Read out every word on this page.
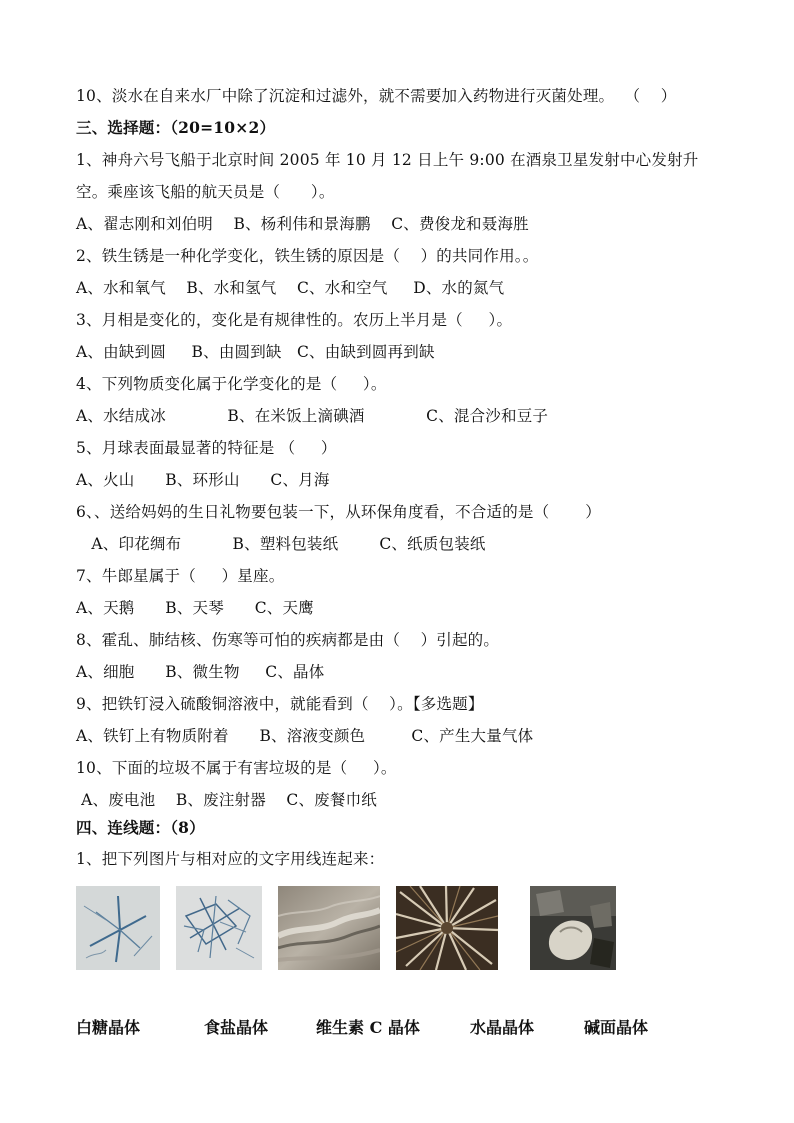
10、淡水在自来水厂中除了沉淀和过滤外，就不需要加入药物进行灭菌处理。  （    ）
三、选择题：（20=10×2）
1、神舟六号飞船于北京时间 2005 年 10 月 12 日上午 9:00 在酒泉卫星发射中心发射升
空。乘座该飞船的航天员是（      ）。
A、翟志刚和刘伯明    B、杨利伟和景海鹏    C、费俊龙和聂海胜
2、铁生锈是一种化学变化，铁生锈的原因是（    ）的共同作用。。
A、水和氧气    B、水和氢气    C、水和空气     D、水的氮气
3、月相是变化的，变化是有规律性的。农历上半月是（     ）。
A、由缺到圆     B、由圆到缺   C、由缺到圆再到缺
4、下列物质变化属于化学变化的是（     ）。
A、水结成冰            B、在米饭上滴碘酒            C、混合沙和豆子
5、月球表面最显著的特征是 （     ）
A、火山      B、环形山      C、月海
6、、送给妈妈的生日礼物要包装一下，从环保角度看，不合适的是（       ）
A、印花绸布          B、塑料包装纸        C、纸质包装纸
7、牛郎星属于（     ）星座。
A、天鹅      B、天琴      C、天鹰
8、霍乱、肺结核、伤寒等可怕的疾病都是由（    ）引起的。
A、细胞      B、微生物     C、晶体
9、把铁钉浸入硫酸铜溶液中，就能看到（    ）。【多选题】
A、铁钉上有物质附着      B、溶液变颜色         C、产生大量气体
10、下面的垃圾不属于有害垃圾的是（     ）。
A、废电池    B、废注射器    C、废餐巾纸
四、连线题：（8）
1、把下列图片与相对应的文字用线连起来：
白糖晶体	食盐晶体	维生素 C 晶体	水晶晶体	碱面晶体
